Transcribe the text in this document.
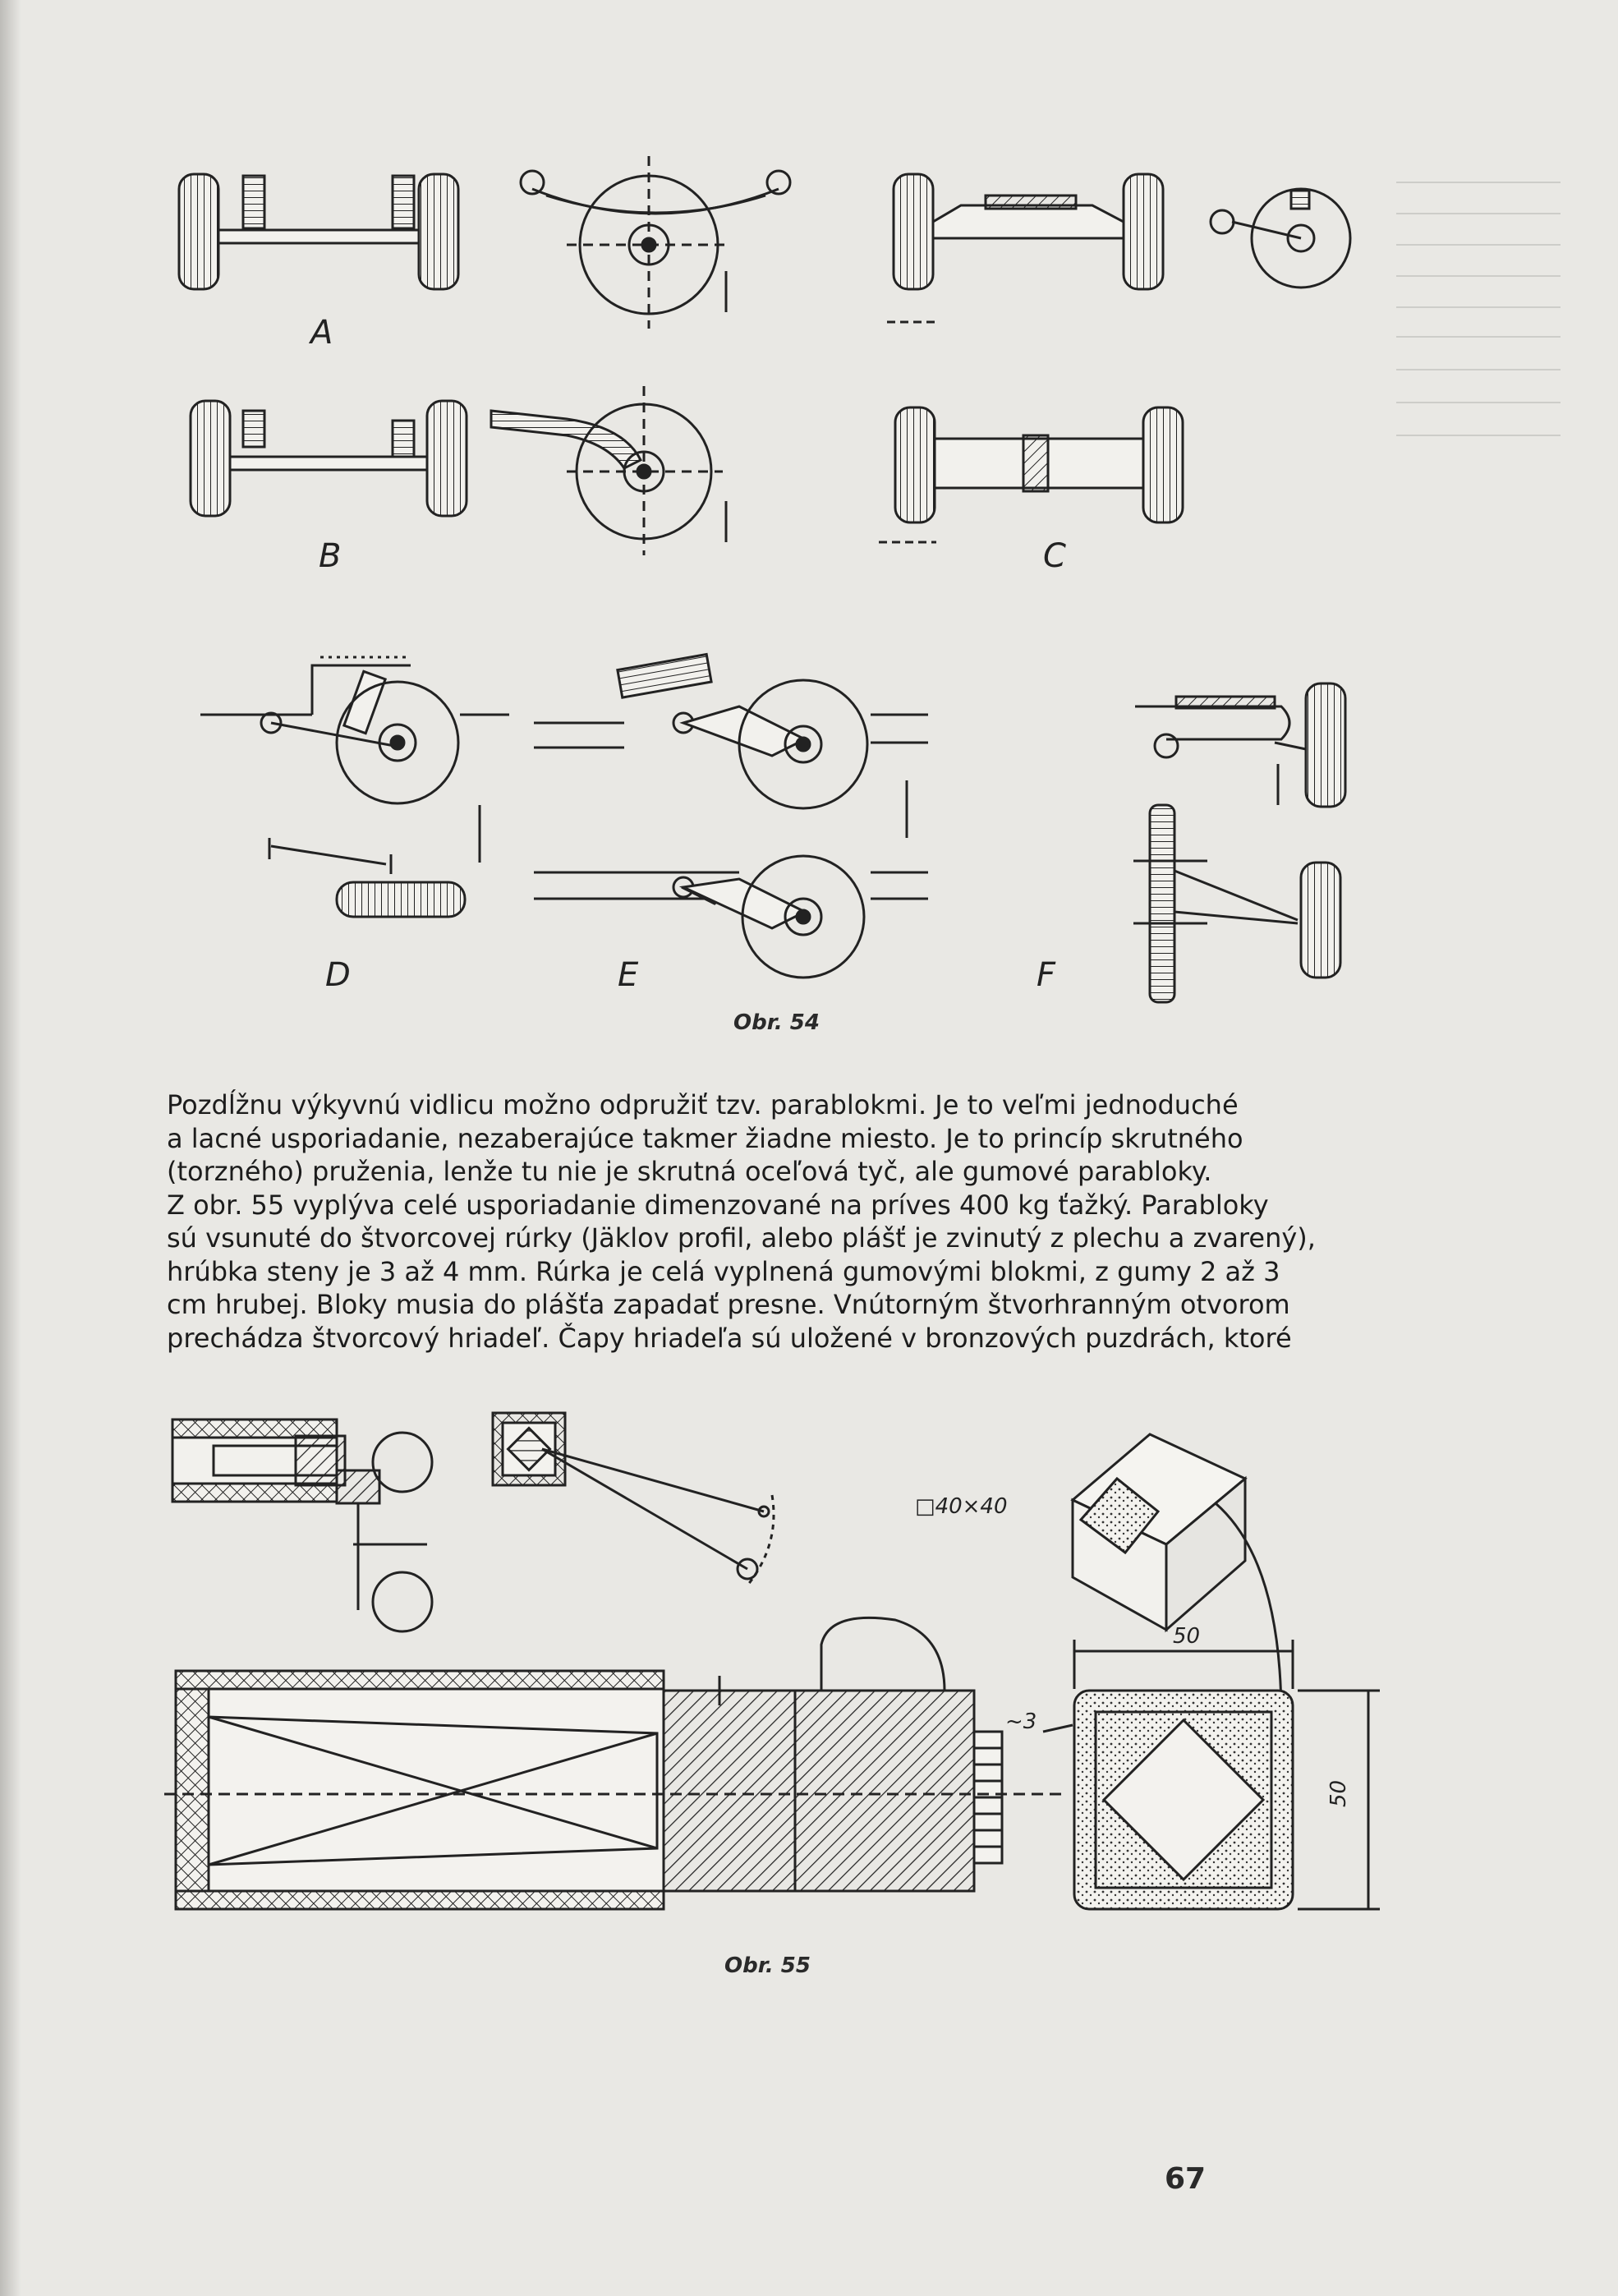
A
B	C
D	E	F
Obr. 54
Pozdĺžnu výkyvnú vidlicu možno odpružiť tzv. parablokmi. Je to veľmi jednoduché
a lacné usporiadanie, nezaberajúce takmer žiadne miesto. Je to princíp skrutného
(torzného) pruženia, lenže tu nie je skrutná oceľová tyč, ale gumové parabloky.
Z obr. 55 vyplýva celé usporiadanie dimenzované na príves 400 kg ťažký. Parabloky
sú vsunuté do štvorcovej rúrky (Jäklov profil, alebo plášť je zvinutý z plechu a zvarený),
hrúbka steny je 3 až 4 mm. Rúrka je celá vyplnená gumovými blokmi, z gumy 2 až 3
cm hrubej. Bloky musia do plášťa zapadať presne. Vnútorným štvorhranným otvorom
prechádza štvorcový hriadeľ. Čapy hriadeľa sú uložené v bronzových puzdrách, ktoré
□40×40
50
50
~3
Obr. 55
67
